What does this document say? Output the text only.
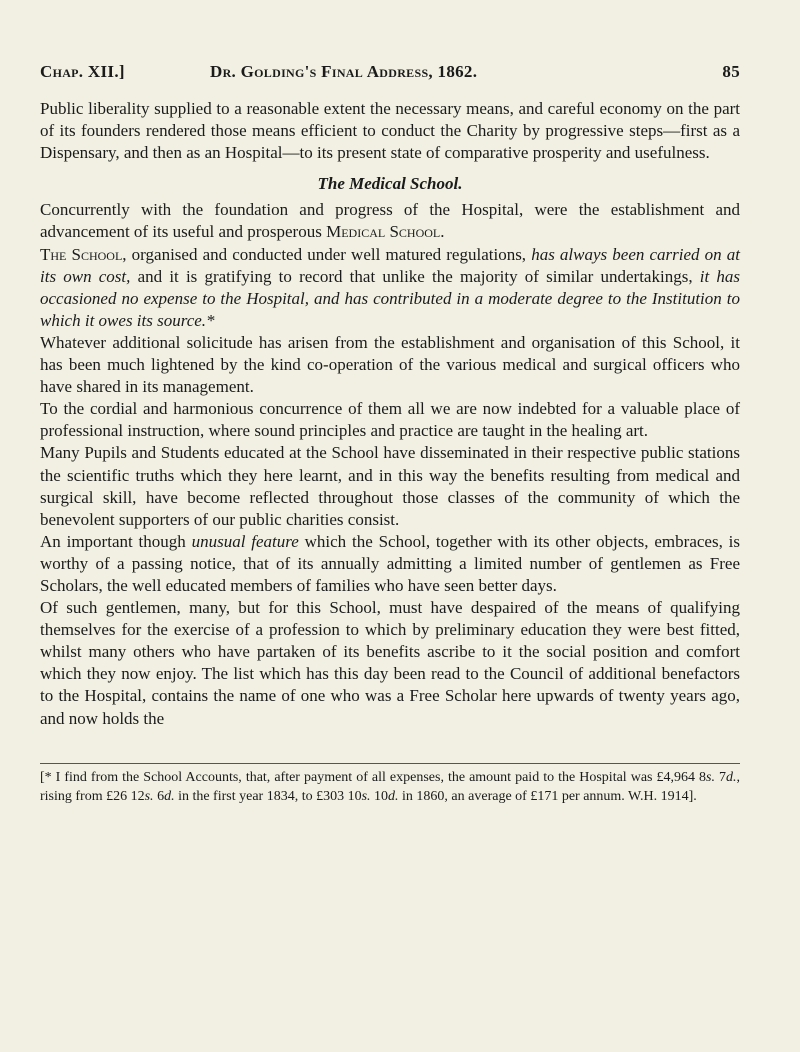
Chap. XII.]	Dr. Golding's Final Address, 1862.	85

Public liberality supplied to a reasonable extent the necessary means, and careful economy on the part of its founders rendered those means efficient to conduct the Charity by progressive steps—first as a Dispensary, and then as an Hospital—to its present state of comparative prosperity and usefulness.

The Medical School.

Concurrently with the foundation and progress of the Hospital, were the establishment and advancement of its useful and prosperous Medical School.

The School, organised and conducted under well matured regulations, has always been carried on at its own cost, and it is gratifying to record that unlike the majority of similar undertakings, it has occasioned no expense to the Hospital, and has contributed in a moderate degree to the Institution to which it owes its source.*

Whatever additional solicitude has arisen from the establishment and organisation of this School, it has been much lightened by the kind co-operation of the various medical and surgical officers who have shared in its management.

To the cordial and harmonious concurrence of them all we are now indebted for a valuable place of professional instruction, where sound principles and practice are taught in the healing art.

Many Pupils and Students educated at the School have disseminated in their respective public stations the scientific truths which they here learnt, and in this way the benefits resulting from medical and surgical skill, have become reflected throughout those classes of the community of which the benevolent supporters of our public charities consist.

An important though unusual feature which the School, together with its other objects, embraces, is worthy of a passing notice, that of its annually admitting a limited number of gentlemen as Free Scholars, the well educated members of families who have seen better days.

Of such gentlemen, many, but for this School, must have despaired of the means of qualifying themselves for the exercise of a profession to which by preliminary education they were best fitted, whilst many others who have partaken of its benefits ascribe to it the social position and comfort which they now enjoy. The list which has this day been read to the Council of additional benefactors to the Hospital, contains the name of one who was a Free Scholar here upwards of twenty years ago, and now holds the

[* I find from the School Accounts, that, after payment of all expenses, the amount paid to the Hospital was £4,964 8s. 7d., rising from £26 12s. 6d. in the first year 1834, to £303 10s. 10d. in 1860, an average of £171 per annum. W.H. 1914].
